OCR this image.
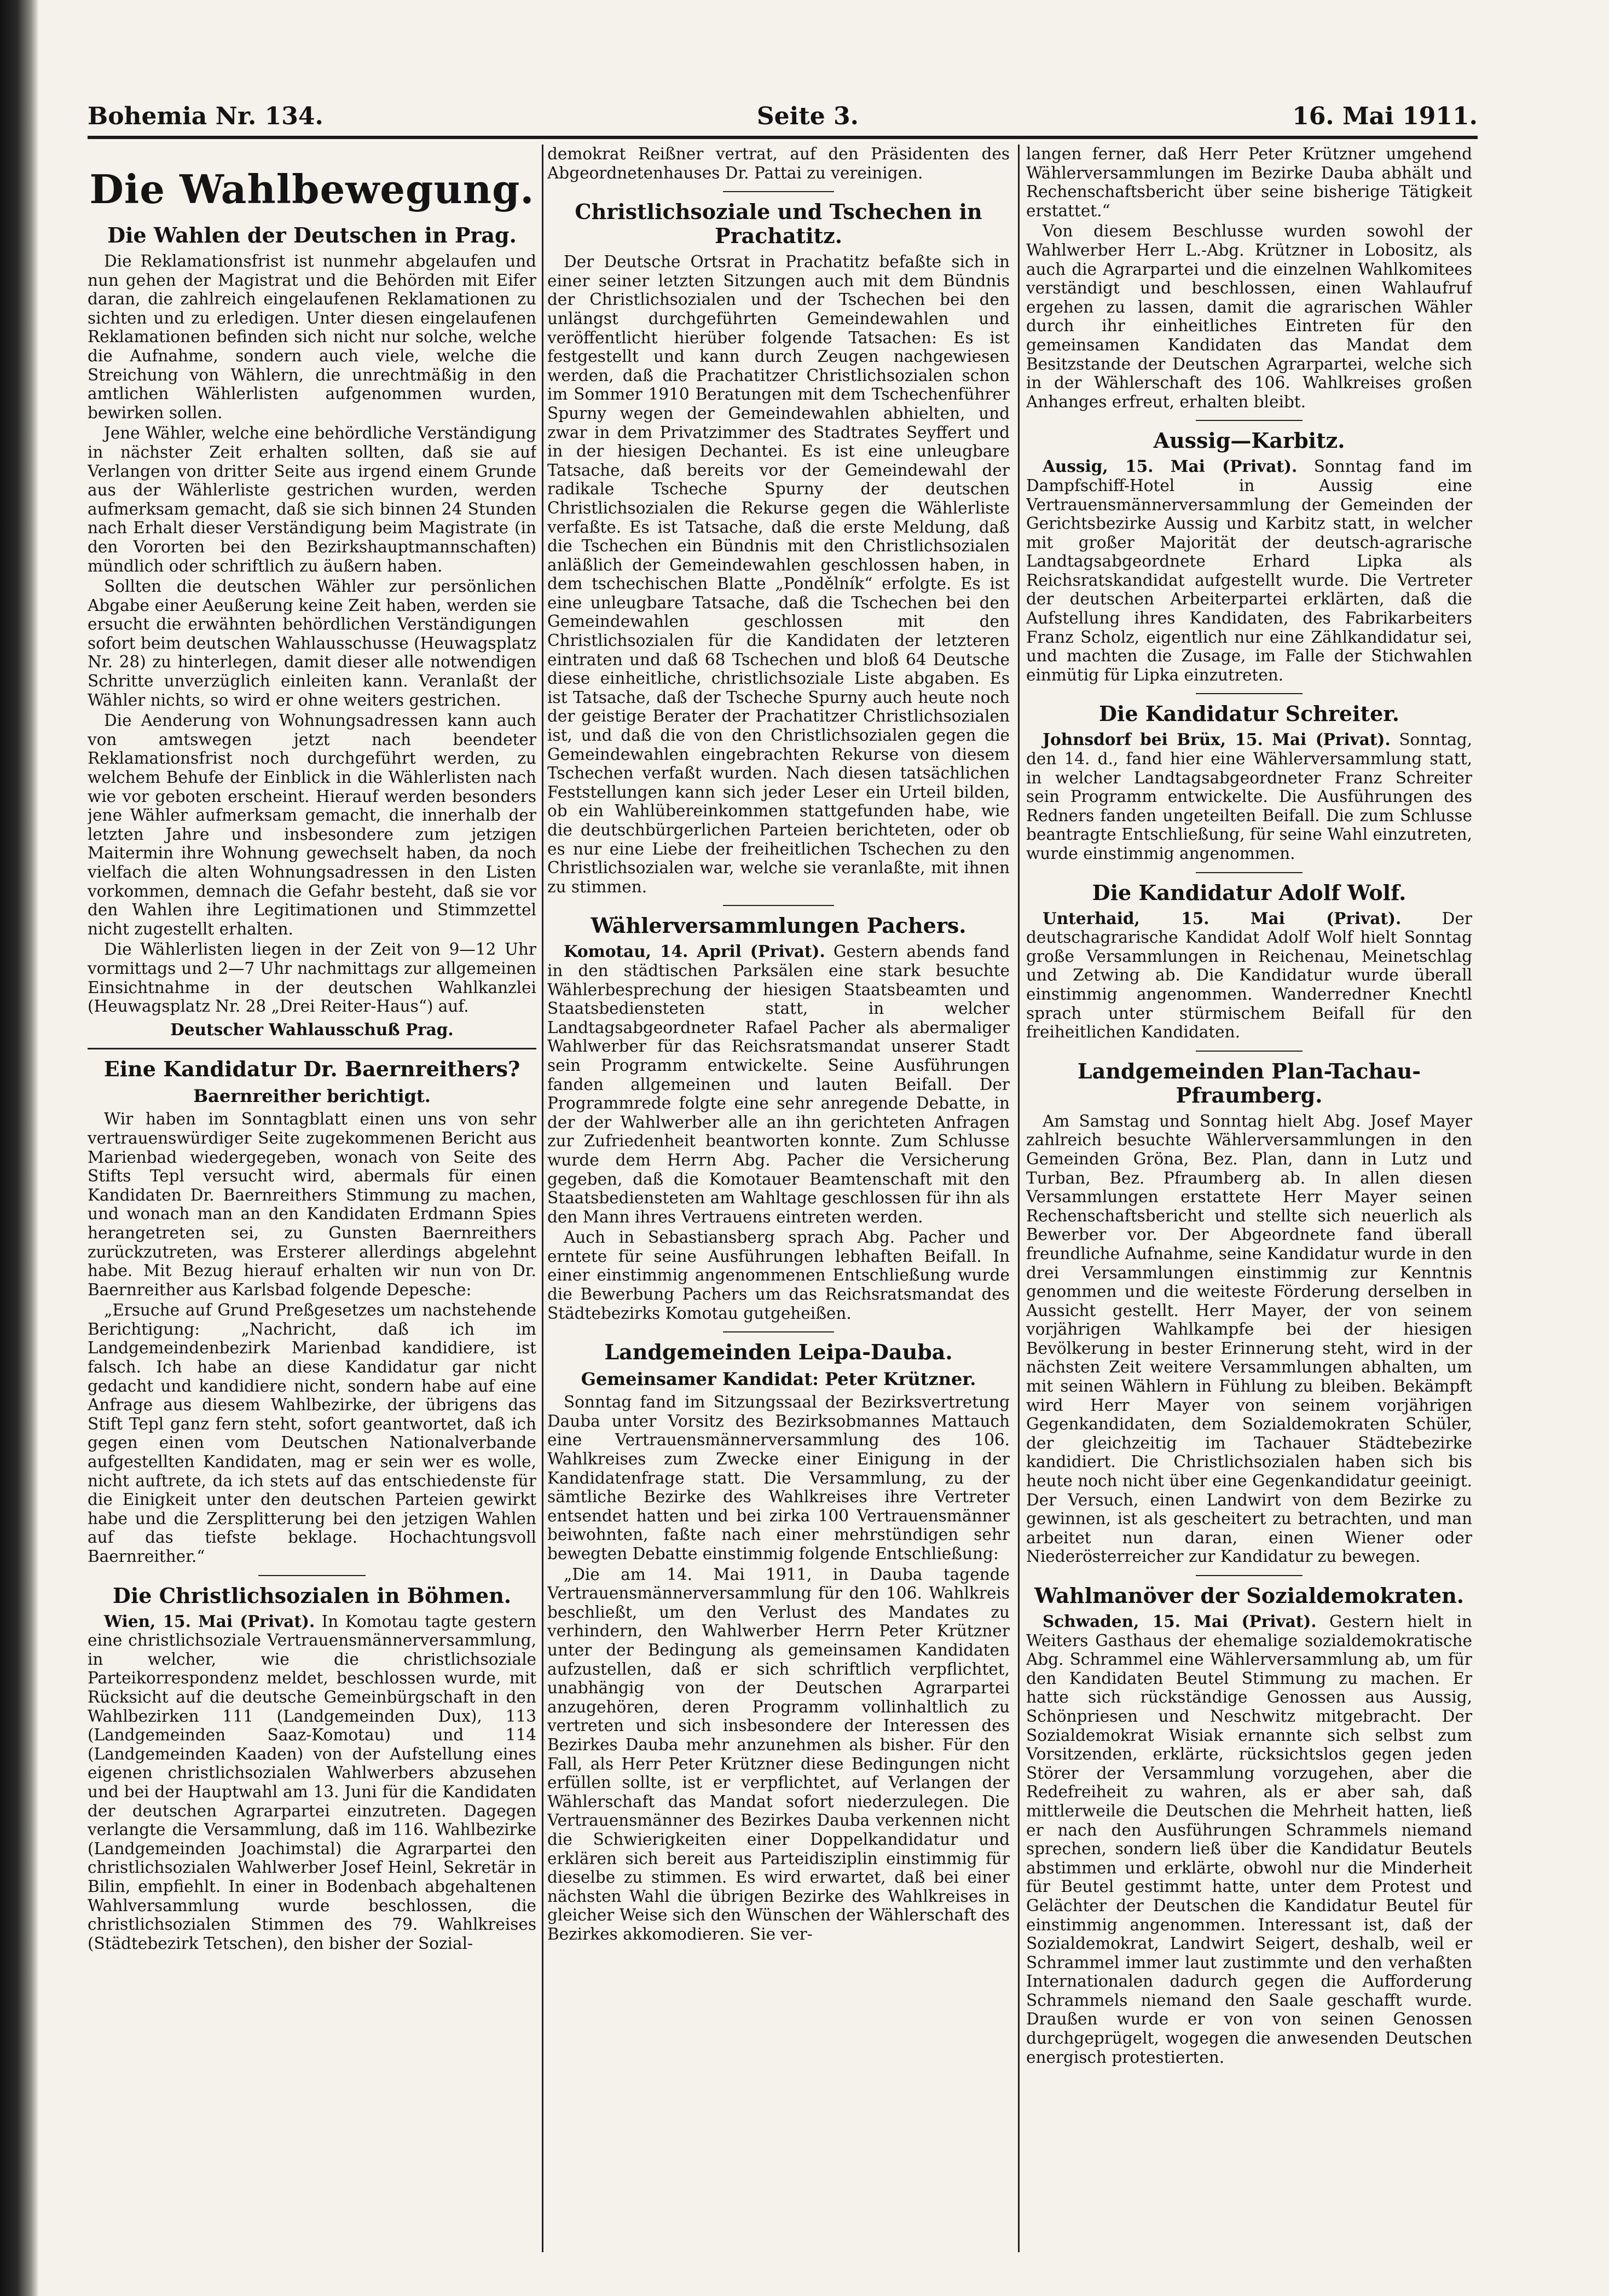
Bohemia Nr. 134.	Seite 3.	16. Mai 1911.
Die Wahlbewegung.
Die Wahlen der Deutschen in Prag.

Die Reklamationsfrist ist nunmehr abgelaufen und nun gehen der Magistrat und die Behörden mit Eifer daran, die zahlreich eingelaufenen Reklamationen zu sichten und zu erledigen. Unter diesen eingelaufenen Reklamationen befinden sich nicht nur solche, welche die Aufnahme, sondern auch viele, welche die Streichung von Wählern, die unrechtmäßig in den amtlichen Wählerlisten aufgenommen wurden, bewirken sollen.

Jene Wähler, welche eine behördliche Verständigung in nächster Zeit erhalten sollten, daß sie auf Verlangen von dritter Seite aus irgend einem Grunde aus der Wählerliste gestrichen wurden, werden aufmerksam gemacht, daß sie sich binnen 24 Stunden nach Erhalt dieser Verständigung beim Magistrate (in den Vororten bei den Bezirkshauptmannschaften) mündlich oder schriftlich zu äußern haben.

Sollten die deutschen Wähler zur persönlichen Abgabe einer Aeußerung keine Zeit haben, werden sie ersucht die erwähnten behördlichen Verständigungen sofort beim deutschen Wahlausschusse (Heuwagsplatz Nr. 28) zu hinterlegen, damit dieser alle notwendigen Schritte unverzüglich einleiten kann. Veranlaßt der Wähler nichts, so wird er ohne weiters gestrichen.

Die Aenderung von Wohnungsadressen kann auch von amtswegen jetzt nach beendeter Reklamationsfrist noch durchgeführt werden, zu welchem Behufe der Einblick in die Wählerlisten nach wie vor geboten erscheint. Hierauf werden besonders jene Wähler aufmerksam gemacht, die innerhalb der letzten Jahre und insbesondere zum jetzigen Maitermin ihre Wohnung gewechselt haben, da noch vielfach die alten Wohnungsadressen in den Listen vorkommen, demnach die Gefahr besteht, daß sie vor den Wahlen ihre Legitimationen und Stimmzettel nicht zugestellt erhalten.

Die Wählerlisten liegen in der Zeit von 9—12 Uhr vormittags und 2—7 Uhr nachmittags zur allgemeinen Einsichtnahme in der deutschen Wahlkanzlei (Heuwagsplatz Nr. 28 „Drei Reiter-Haus“) auf.

Deutscher Wahlausschuß Prag.
Eine Kandidatur Dr. Baernreithers?
Baernreither berichtigt.

Wir haben im Sonntagblatt einen uns von sehr vertrauenswürdiger Seite zugekommenen Bericht aus Marienbad wiedergegeben, wonach von Seite des Stifts Tepl versucht wird, abermals für einen Kandidaten Dr. Baernreithers Stimmung zu machen, und wonach man an den Kandidaten Erdmann Spies herangetreten sei, zu Gunsten Baernreithers zurückzutreten, was Ersterer allerdings abgelehnt habe. Mit Bezug hierauf erhalten wir nun von Dr. Baernreither aus Karlsbad folgende Depesche:

„Ersuche auf Grund Preßgesetzes um nachstehende Berichtigung: „Nachricht, daß ich im Landgemeindenbezirk Marienbad kandidiere, ist falsch. Ich habe an diese Kandidatur gar nicht gedacht und kandidiere nicht, sondern habe auf eine Anfrage aus diesem Wahlbezirke, der übrigens das Stift Tepl ganz fern steht, sofort geantwortet, daß ich gegen einen vom Deutschen Nationalverbande aufgestellten Kandidaten, mag er sein wer es wolle, nicht auftrete, da ich stets auf das entschiedenste für die Einigkeit unter den deutschen Parteien gewirkt habe und die Zersplitterung bei den jetzigen Wahlen auf das tiefste beklage. Hochachtungsvoll Baernreither.“

Die Christlichsozialen in Böhmen.

Wien, 15. Mai (Privat). In Komotau tagte gestern eine christlichsoziale Vertrauensmännerversammlung, in welcher, wie die christlichsoziale Parteikorrespondenz meldet, beschlossen wurde, mit Rücksicht auf die deutsche Gemeinbürgschaft in den Wahlbezirken 111 (Landgemeinden Dux), 113 (Landgemeinden Saaz-Komotau) und 114 (Landgemeinden Kaaden) von der Aufstellung eines eigenen christlichsozialen Wahlwerbers abzusehen und bei der Hauptwahl am 13. Juni für die Kandidaten der deutschen Agrarpartei einzutreten. Dagegen verlangte die Versammlung, daß im 116. Wahlbezirke (Landgemeinden Joachimstal) die Agrarpartei den christlichsozialen Wahlwerber Josef Heinl, Sekretär in Bilin, empfiehlt. In einer in Bodenbach abgehaltenen Wahlversammlung wurde beschlossen, die christlichsozialen Stimmen des 79. Wahlkreises (Städtebezirk Tetschen), den bisher der Sozial-

demokrat Reißner vertrat, auf den Präsidenten des Abgeordnetenhauses Dr. Pattai zu vereinigen.

Christlichsoziale und Tschechen in Prachatitz.

Der Deutsche Ortsrat in Prachatitz befaßte sich in einer seiner letzten Sitzungen auch mit dem Bündnis der Christlichsozialen und der Tschechen bei den unlängst durchgeführten Gemeindewahlen und veröffentlicht hierüber folgende Tatsachen: Es ist festgestellt und kann durch Zeugen nachgewiesen werden, daß die Prachatitzer Christlichsozialen schon im Sommer 1910 Beratungen mit dem Tschechenführer Spurny wegen der Gemeindewahlen abhielten, und zwar in dem Privatzimmer des Stadtrates Seyffert und in der hiesigen Dechantei. Es ist eine unleugbare Tatsache, daß bereits vor der Gemeindewahl der radikale Tscheche Spurny der deutschen Christlichsozialen die Rekurse gegen die Wählerliste verfaßte. Es ist Tatsache, daß die erste Meldung, daß die Tschechen ein Bündnis mit den Christlichsozialen anläßlich der Gemeindewahlen geschlossen haben, in dem tschechischen Blatte „Pondělník“ erfolgte. Es ist eine unleugbare Tatsache, daß die Tschechen bei den Gemeindewahlen geschlossen mit den Christlichsozialen für die Kandidaten der letzteren eintraten und daß 68 Tschechen und bloß 64 Deutsche diese einheitliche, christlichsoziale Liste abgaben. Es ist Tatsache, daß der Tscheche Spurny auch heute noch der geistige Berater der Prachatitzer Christlichsozialen ist, und daß die von den Christlichsozialen gegen die Gemeindewahlen eingebrachten Rekurse von diesem Tschechen verfaßt wurden. Nach diesen tatsächlichen Feststellungen kann sich jeder Leser ein Urteil bilden, ob ein Wahlübereinkommen stattgefunden habe, wie die deutschbürgerlichen Parteien berichteten, oder ob es nur eine Liebe der freiheitlichen Tschechen zu den Christlichsozialen war, welche sie veranlaßte, mit ihnen zu stimmen.

Wählerversammlungen Pachers.

Komotau, 14. April (Privat). Gestern abends fand in den städtischen Parksälen eine stark besuchte Wählerbesprechung der hiesigen Staatsbeamten und Staatsbediensteten statt, in welcher Landtagsabgeordneter Rafael Pacher als abermaliger Wahlwerber für das Reichsratsmandat unserer Stadt sein Programm entwickelte. Seine Ausführungen fanden allgemeinen und lauten Beifall. Der Programmrede folgte eine sehr anregende Debatte, in der der Wahlwerber alle an ihn gerichteten Anfragen zur Zufriedenheit beantworten konnte. Zum Schlusse wurde dem Herrn Abg. Pacher die Versicherung gegeben, daß die Komotauer Beamtenschaft mit den Staatsbediensteten am Wahltage geschlossen für ihn als den Mann ihres Vertrauens eintreten werden.

Auch in Sebastiansberg sprach Abg. Pacher und erntete für seine Ausführungen lebhaften Beifall. In einer einstimmig angenommenen Entschließung wurde die Bewerbung Pachers um das Reichsratsmandat des Städtebezirks Komotau gutgeheißen.

Landgemeinden Leipa-Dauba.
Gemeinsamer Kandidat: Peter Krützner.

Sonntag fand im Sitzungssaal der Bezirksvertretung Dauba unter Vorsitz des Bezirksobmannes Mattauch eine Vertrauensmännerversammlung des 106. Wahlkreises zum Zwecke einer Einigung in der Kandidatenfrage statt. Die Versammlung, zu der sämtliche Bezirke des Wahlkreises ihre Vertreter entsendet hatten und bei zirka 100 Vertrauensmänner beiwohnten, faßte nach einer mehrstündigen sehr bewegten Debatte einstimmig folgende Entschließung:

„Die am 14. Mai 1911, in Dauba tagende Vertrauensmännerversammlung für den 106. Wahlkreis beschließt, um den Verlust des Mandates zu verhindern, den Wahlwerber Herrn Peter Krützner unter der Bedingung als gemeinsamen Kandidaten aufzustellen, daß er sich schriftlich verpflichtet, unabhängig von der Deutschen Agrarpartei anzugehören, deren Programm vollinhaltlich zu vertreten und sich insbesondere der Interessen des Bezirkes Dauba mehr anzunehmen als bisher. Für den Fall, als Herr Peter Krützner diese Bedingungen nicht erfüllen sollte, ist er verpflichtet, auf Verlangen der Wählerschaft das Mandat sofort niederzulegen. Die Vertrauensmänner des Bezirkes Dauba verkennen nicht die Schwierigkeiten einer Doppelkandidatur und erklären sich bereit aus Parteidisziplin einstimmig für dieselbe zu stimmen. Es wird erwartet, daß bei einer nächsten Wahl die übrigen Bezirke des Wahlkreises in gleicher Weise sich den Wünschen der Wählerschaft des Bezirkes akkomodieren. Sie ver-

langen ferner, daß Herr Peter Krützner umgehend Wählerversammlungen im Bezirke Dauba abhält und Rechenschaftsbericht über seine bisherige Tätigkeit erstattet.“

Von diesem Beschlusse wurden sowohl der Wahlwerber Herr L.-Abg. Krützner in Lobositz, als auch die Agrarpartei und die einzelnen Wahlkomitees verständigt und beschlossen, einen Wahlaufruf ergehen zu lassen, damit die agrarischen Wähler durch ihr einheitliches Eintreten für den gemeinsamen Kandidaten das Mandat dem Besitzstande der Deutschen Agrarpartei, welche sich in der Wählerschaft des 106. Wahlkreises großen Anhanges erfreut, erhalten bleibt.

Aussig—Karbitz.

Aussig, 15. Mai (Privat). Sonntag fand im Dampfschiff-Hotel in Aussig eine Vertrauensmännerversammlung der Gemeinden der Gerichtsbezirke Aussig und Karbitz statt, in welcher mit großer Majorität der deutsch-agrarische Landtagsabgeordnete Erhard Lipka als Reichsratskandidat aufgestellt wurde. Die Vertreter der deutschen Arbeiterpartei erklärten, daß die Aufstellung ihres Kandidaten, des Fabrikarbeiters Franz Scholz, eigentlich nur eine Zählkandidatur sei, und machten die Zusage, im Falle der Stichwahlen einmütig für Lipka einzutreten.

Die Kandidatur Schreiter.

Johnsdorf bei Brüx, 15. Mai (Privat). Sonntag, den 14. d., fand hier eine Wählerversammlung statt, in welcher Landtagsabgeordneter Franz Schreiter sein Programm entwickelte. Die Ausführungen des Redners fanden ungeteilten Beifall. Die zum Schlusse beantragte Entschließung, für seine Wahl einzutreten, wurde einstimmig angenommen.

Die Kandidatur Adolf Wolf.

Unterhaid, 15. Mai (Privat). Der deutschagrarische Kandidat Adolf Wolf hielt Sonntag große Versammlungen in Reichenau, Meinetschlag und Zetwing ab. Die Kandidatur wurde überall einstimmig angenommen. Wanderredner Knechtl sprach unter stürmischem Beifall für den freiheitlichen Kandidaten.

Landgemeinden Plan-Tachau-Pfraumberg.

Am Samstag und Sonntag hielt Abg. Josef Mayer zahlreich besuchte Wählerversammlungen in den Gemeinden Gröna, Bez. Plan, dann in Lutz und Turban, Bez. Pfraumberg ab. In allen diesen Versammlungen erstattete Herr Mayer seinen Rechenschaftsbericht und stellte sich neuerlich als Bewerber vor. Der Abgeordnete fand überall freundliche Aufnahme, seine Kandidatur wurde in den drei Versammlungen einstimmig zur Kenntnis genommen und die weiteste Förderung derselben in Aussicht gestellt. Herr Mayer, der von seinem vorjährigen Wahlkampfe bei der hiesigen Bevölkerung in bester Erinnerung steht, wird in der nächsten Zeit weitere Versammlungen abhalten, um mit seinen Wählern in Fühlung zu bleiben. Bekämpft wird Herr Mayer von seinem vorjährigen Gegenkandidaten, dem Sozialdemokraten Schüler, der gleichzeitig im Tachauer Städtebezirke kandidiert. Die Christlichsozialen haben sich bis heute noch nicht über eine Gegenkandidatur geeinigt. Der Versuch, einen Landwirt von dem Bezirke zu gewinnen, ist als gescheitert zu betrachten, und man arbeitet nun daran, einen Wiener oder Niederösterreicher zur Kandidatur zu bewegen.

Wahlmanöver der Sozialdemokraten.

Schwaden, 15. Mai (Privat). Gestern hielt in Weiters Gasthaus der ehemalige sozialdemokratische Abg. Schrammel eine Wählerversammlung ab, um für den Kandidaten Beutel Stimmung zu machen. Er hatte sich rückständige Genossen aus Aussig, Schönpriesen und Neschwitz mitgebracht. Der Sozialdemokrat Wisiak ernannte sich selbst zum Vorsitzenden, erklärte, rücksichtslos gegen jeden Störer der Versammlung vorzugehen, aber die Redefreiheit zu wahren, als er aber sah, daß mittlerweile die Deutschen die Mehrheit hatten, ließ er nach den Ausführungen Schrammels niemand sprechen, sondern ließ über die Kandidatur Beutels abstimmen und erklärte, obwohl nur die Minderheit für Beutel gestimmt hatte, unter dem Protest und Gelächter der Deutschen die Kandidatur Beutel für einstimmig angenommen. Interessant ist, daß der Sozialdemokrat, Landwirt Seigert, deshalb, weil er Schrammel immer laut zustimmte und den verhaßten Internationalen dadurch gegen die Aufforderung Schrammels niemand den Saale geschafft wurde. Draußen wurde er von von seinen Genossen durchgeprügelt, wogegen die anwesenden Deutschen energisch protestierten.
